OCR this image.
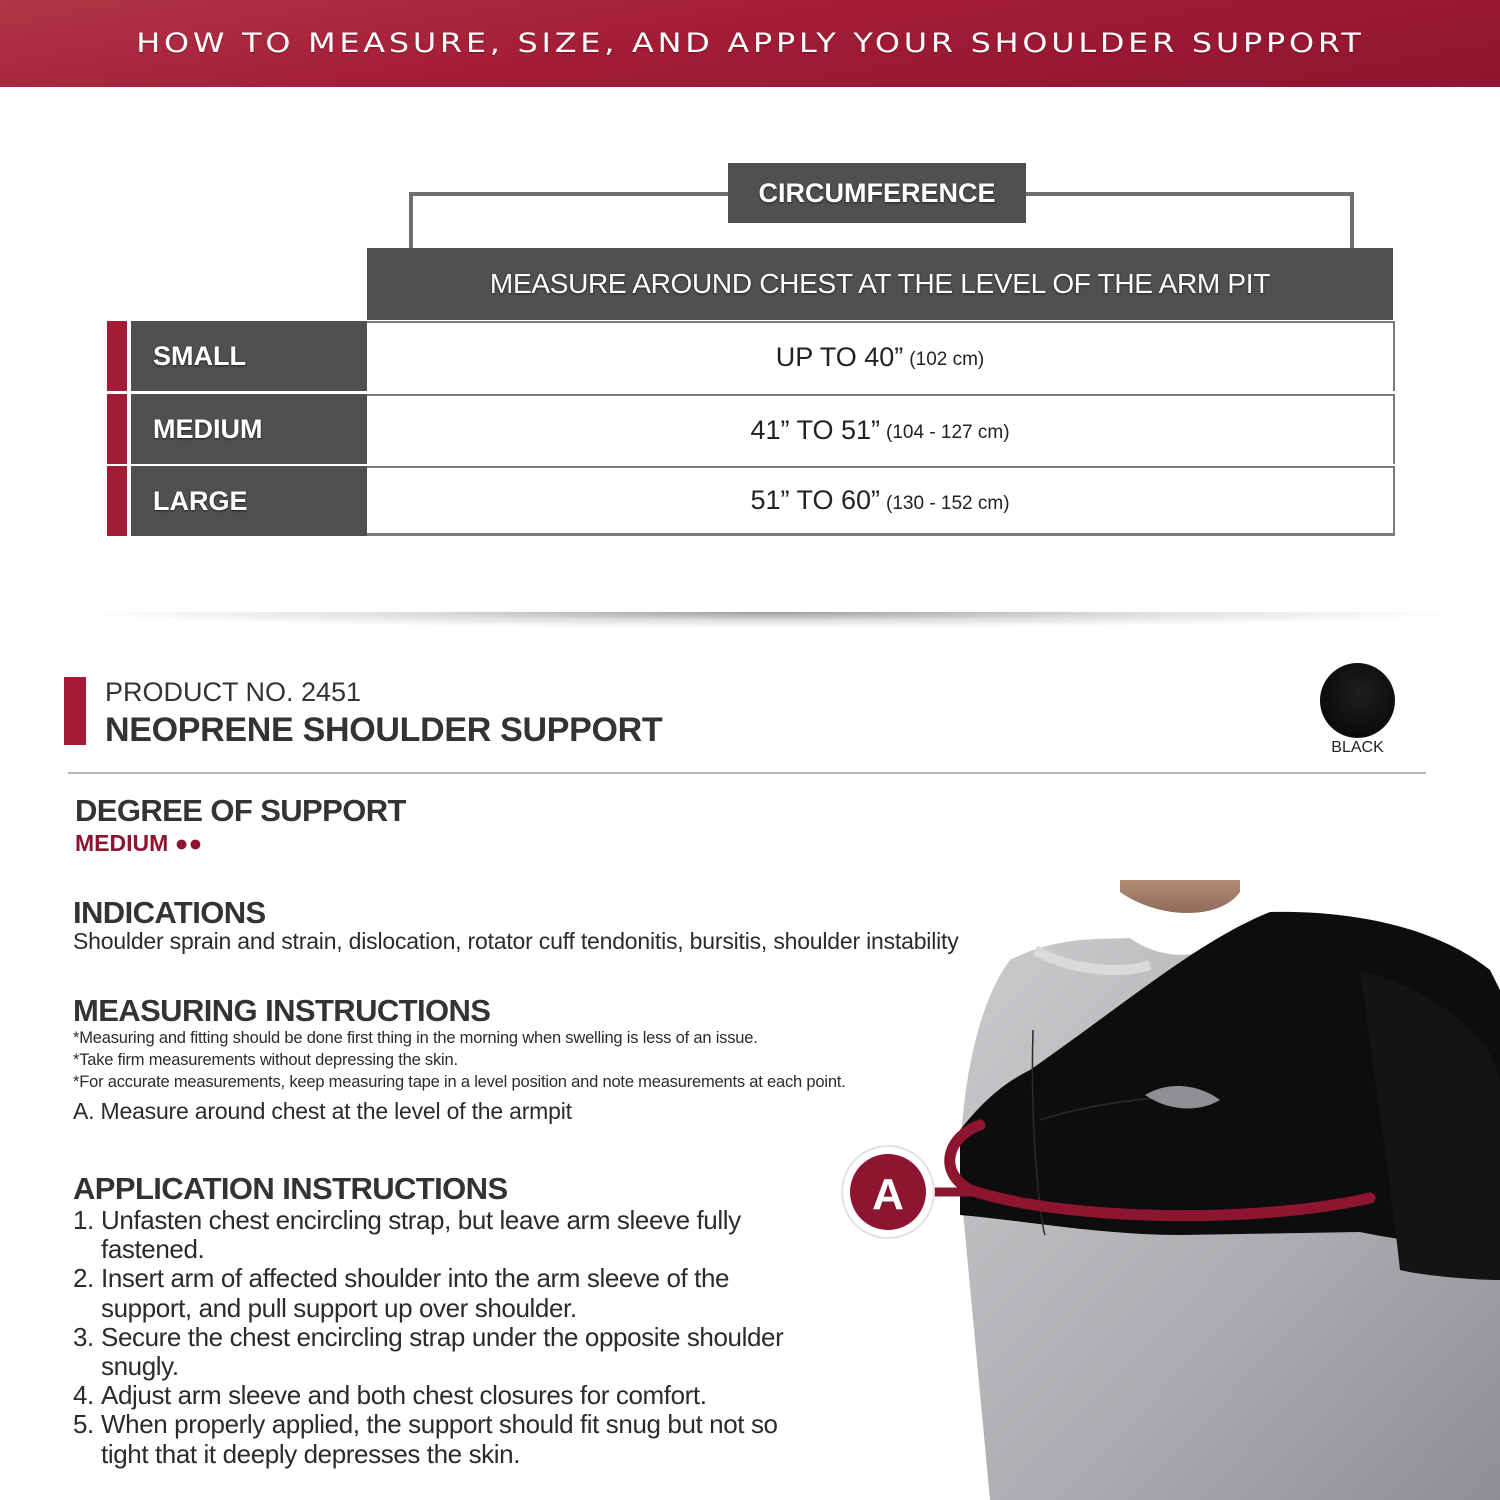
HOW TO MEASURE, SIZE, AND APPLY YOUR SHOULDER SUPPORT
CIRCUMFERENCE
MEASURE AROUND CHEST AT THE LEVEL OF THE ARM PIT
SMALL	UP TO 40” (102 cm)
MEDIUM	41” TO 51” (104 - 127 cm)
LARGE	51” TO 60” (130 - 152 cm)
PRODUCT NO. 2451
NEOPRENE SHOULDER SUPPORT	BLACK
DEGREE OF SUPPORT
MEDIUM ●●
INDICATIONS
Shoulder sprain and strain, dislocation, rotator cuff tendonitis, bursitis, shoulder instability
MEASURING INSTRUCTIONS
*Measuring and fitting should be done first thing in the morning when swelling is less of an issue.
*Take firm measurements without depressing the skin.
*For accurate measurements, keep measuring tape in a level position and note measurements at each point.
A. Measure around chest at the level of the armpit
APPLICATION INSTRUCTIONS
1. Unfasten chest encircling strap, but leave arm sleeve fully fastened.
2. Insert arm of affected shoulder into the arm sleeve of the support, and pull support up over shoulder.
3. Secure the chest encircling strap under the opposite shoulder snugly.
4. Adjust arm sleeve and both chest closures for comfort.
5. When properly applied, the support should fit snug but not so tight that it deeply depresses the skin.
A
